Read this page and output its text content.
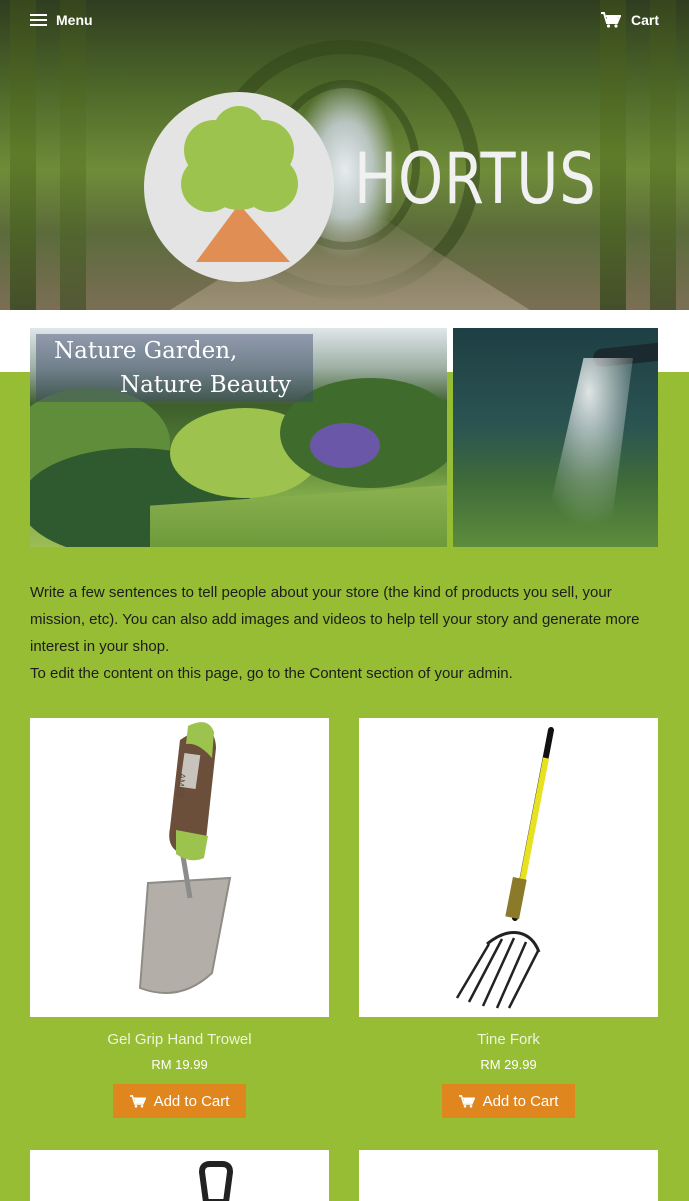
Menu	Cart
HORTUS
Nature Garden,
Nature Beauty

Write a few sentences to tell people about your store (the kind of products you sell, your mission, etc). You can also add images and videos to help tell your story and generate more interest in your shop.

To edit the content on this page, go to the Content section of your admin.

AMES
Gel Grip Hand Trowel
RM 19.99
Add to Cart
Tine Fork
RM 29.99
Add to Cart
